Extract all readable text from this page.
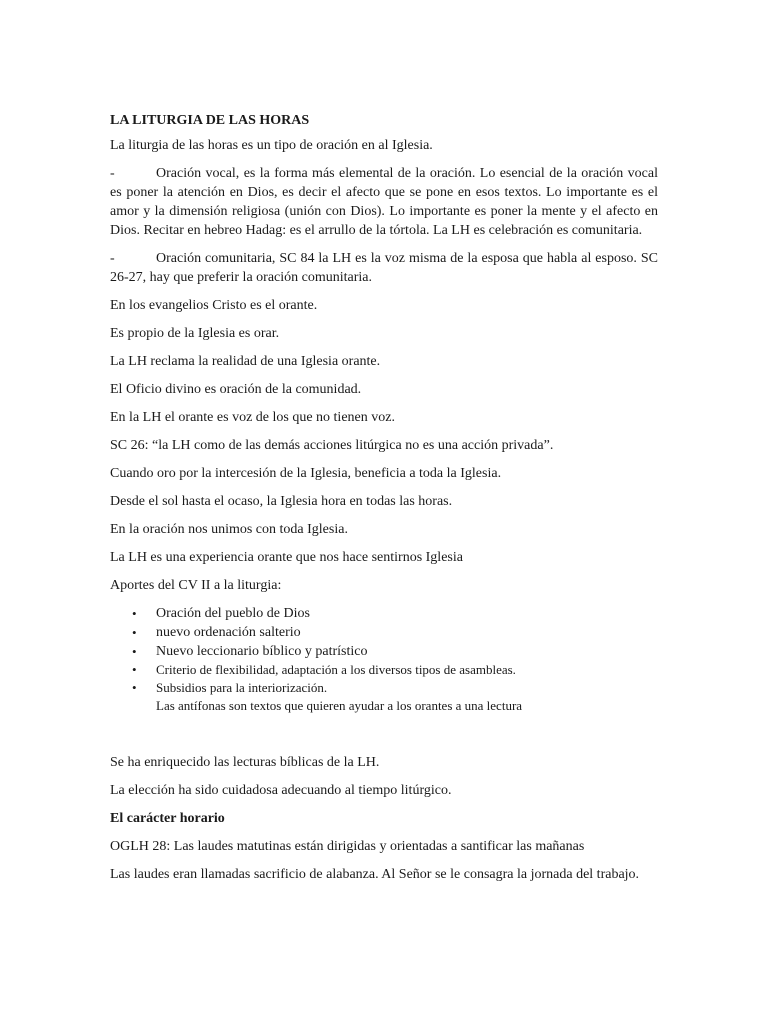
LA LITURGIA DE LAS HORAS
La liturgia de las horas es un tipo de oración en al Iglesia.
-	Oración vocal, es la forma más elemental de la oración. Lo esencial de la oración vocal es poner la atención en Dios, es decir el afecto que se pone en esos textos. Lo importante es el amor y la dimensión religiosa (unión con Dios). Lo importante es poner la mente y el afecto en Dios. Recitar en hebreo Hadag: es el arrullo de la tórtola. La LH es celebración es comunitaria.
-	Oración comunitaria, SC 84 la LH es la voz misma de la esposa que habla al esposo. SC 26-27, hay que preferir la oración comunitaria.
En los evangelios Cristo es el orante.
Es propio de la Iglesia es orar.
La LH reclama la realidad de una Iglesia orante.
El Oficio divino es oración de la comunidad.
En la LH el orante es voz de los que no tienen voz.
SC 26: “la LH como de las demás acciones litúrgica no es una acción privada”.
Cuando oro por la intercesión de la Iglesia, beneficia a toda la Iglesia.
Desde el sol hasta el ocaso, la Iglesia hora en todas las horas.
En la oración nos unimos con toda Iglesia.
La LH es una experiencia orante que nos hace sentirnos Iglesia
Aportes del CV II a la liturgia:
• Oración del pueblo de Dios
• nuevo ordenación salterio
• Nuevo leccionario bíblico y patrístico
• Criterio de flexibilidad, adaptación a los diversos tipos de asambleas.
• Subsidios para la interiorización.
Las antífonas son textos que quieren ayudar a los orantes a una lectura
Se ha enriquecido las lecturas bíblicas de la LH.
La elección ha sido cuidadosa adecuando al tiempo litúrgico.
El carácter horario
OGLH 28: Las laudes matutinas están dirigidas y orientadas a santificar las mañanas
Las laudes eran llamadas sacrificio de alabanza. Al Señor se le consagra la jornada del trabajo.
